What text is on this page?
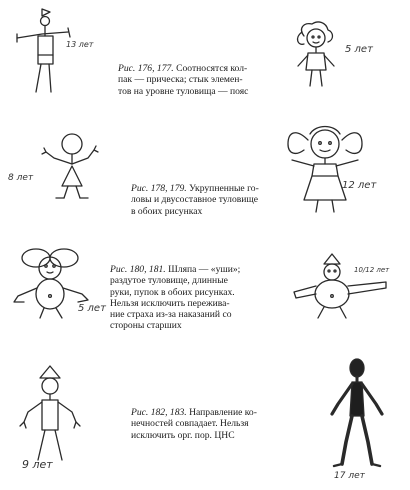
13 лет	5 лет
Рис. 176, 177. Соотносятся кол-
пак — прическа; стык элемен-
тов на уровне туловища — пояс
8 лет
12 лет
Рис. 178, 179. Укрупненные го-
ловы и двусоставное туловище
в обоих рисунках
5 лет
10/12 лет
Рис. 180, 181. Шляпа — «уши»;
раздутое туловище, длинные
руки, пупок в обоих рисунках.
Нельзя исключить пережива-
ние страха из-за наказаний со
стороны старших
9 лет
17 лет
Рис. 182, 183. Направление ко-
нечностей совпадает. Нельзя
исключить орг. пор. ЦНС
